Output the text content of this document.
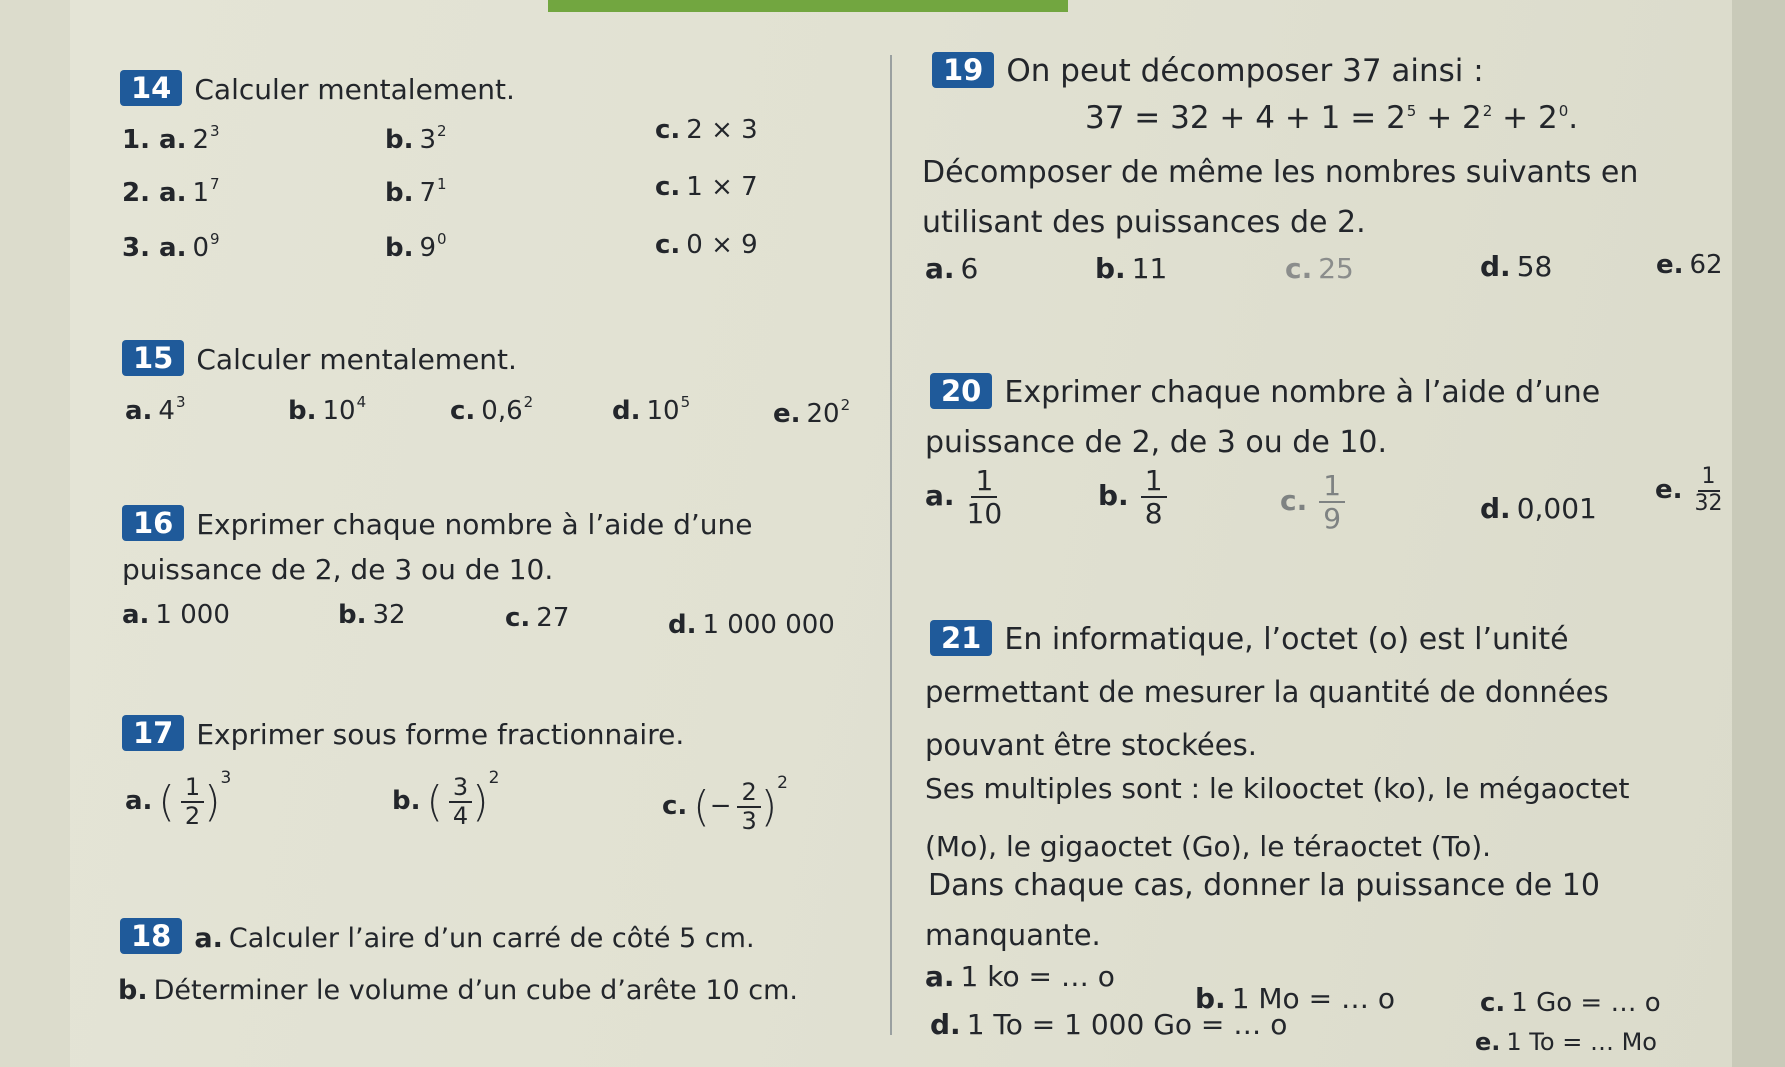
14 Calculer mentalement.
1. a. $2^3$	b. $3^2$	c. 2 × 3
2. a. $1^7$	b. $7^1$	c. 1 × 7
3. a. $0^9$	b. $9^0$	c. 0 × 9
15 Calculer mentalement.
a. $4^3$	b. $10^4$	c. $0,6^2$	d. $10^5$	e. $20^2$
16 Exprimer chaque nombre à l’aide d’une
puissance de 2, de 3 ou de 10.
a. 1 000	b. 32	c. 27	d. 1 000 000
17 Exprimer sous forme fractionnaire.
a. ( $\frac{1}{2} )^3$
b. ( $\frac{3}{4} )^2$
c. (− $\frac{2}{3} )^2$
18 a. Calculer l’aire d’un carré de côté 5 cm.
b. Déterminer le volume d’un cube d’arête 10 cm.
19 On peut décomposer 37 ainsi :
$37 = 32 + 4 + 1 = 2^5 + 2^2 + 2^0$.
Décomposer de même les nombres suivants en
utilisant des puissances de 2.
a. 6	b. 11	c. 25	d. 58	e. 62
20 Exprimer chaque nombre à l’aide d’une
puissance de 2, de 3 ou de 10.
a. $\frac{1}{10}$	b. $\frac{1}{8}$	c. $\frac{1}{9}$	d. 0,001
e. $\frac{1}{32}$
21 En informatique, l’octet (o) est l’unité
permettant de mesurer la quantité de données
pouvant être stockées.
Ses multiples sont : le kilooctet (ko), le mégaoctet
(Mo), le gigaoctet (Go), le téraoctet (To).
Dans chaque cas, donner la puissance de 10
manquante.
a. 1 ko = … o
b. 1 Mo = … o	c. 1 Go = … o
d. 1 To = 1 000 Go = … o
e. 1 To = … Mo
